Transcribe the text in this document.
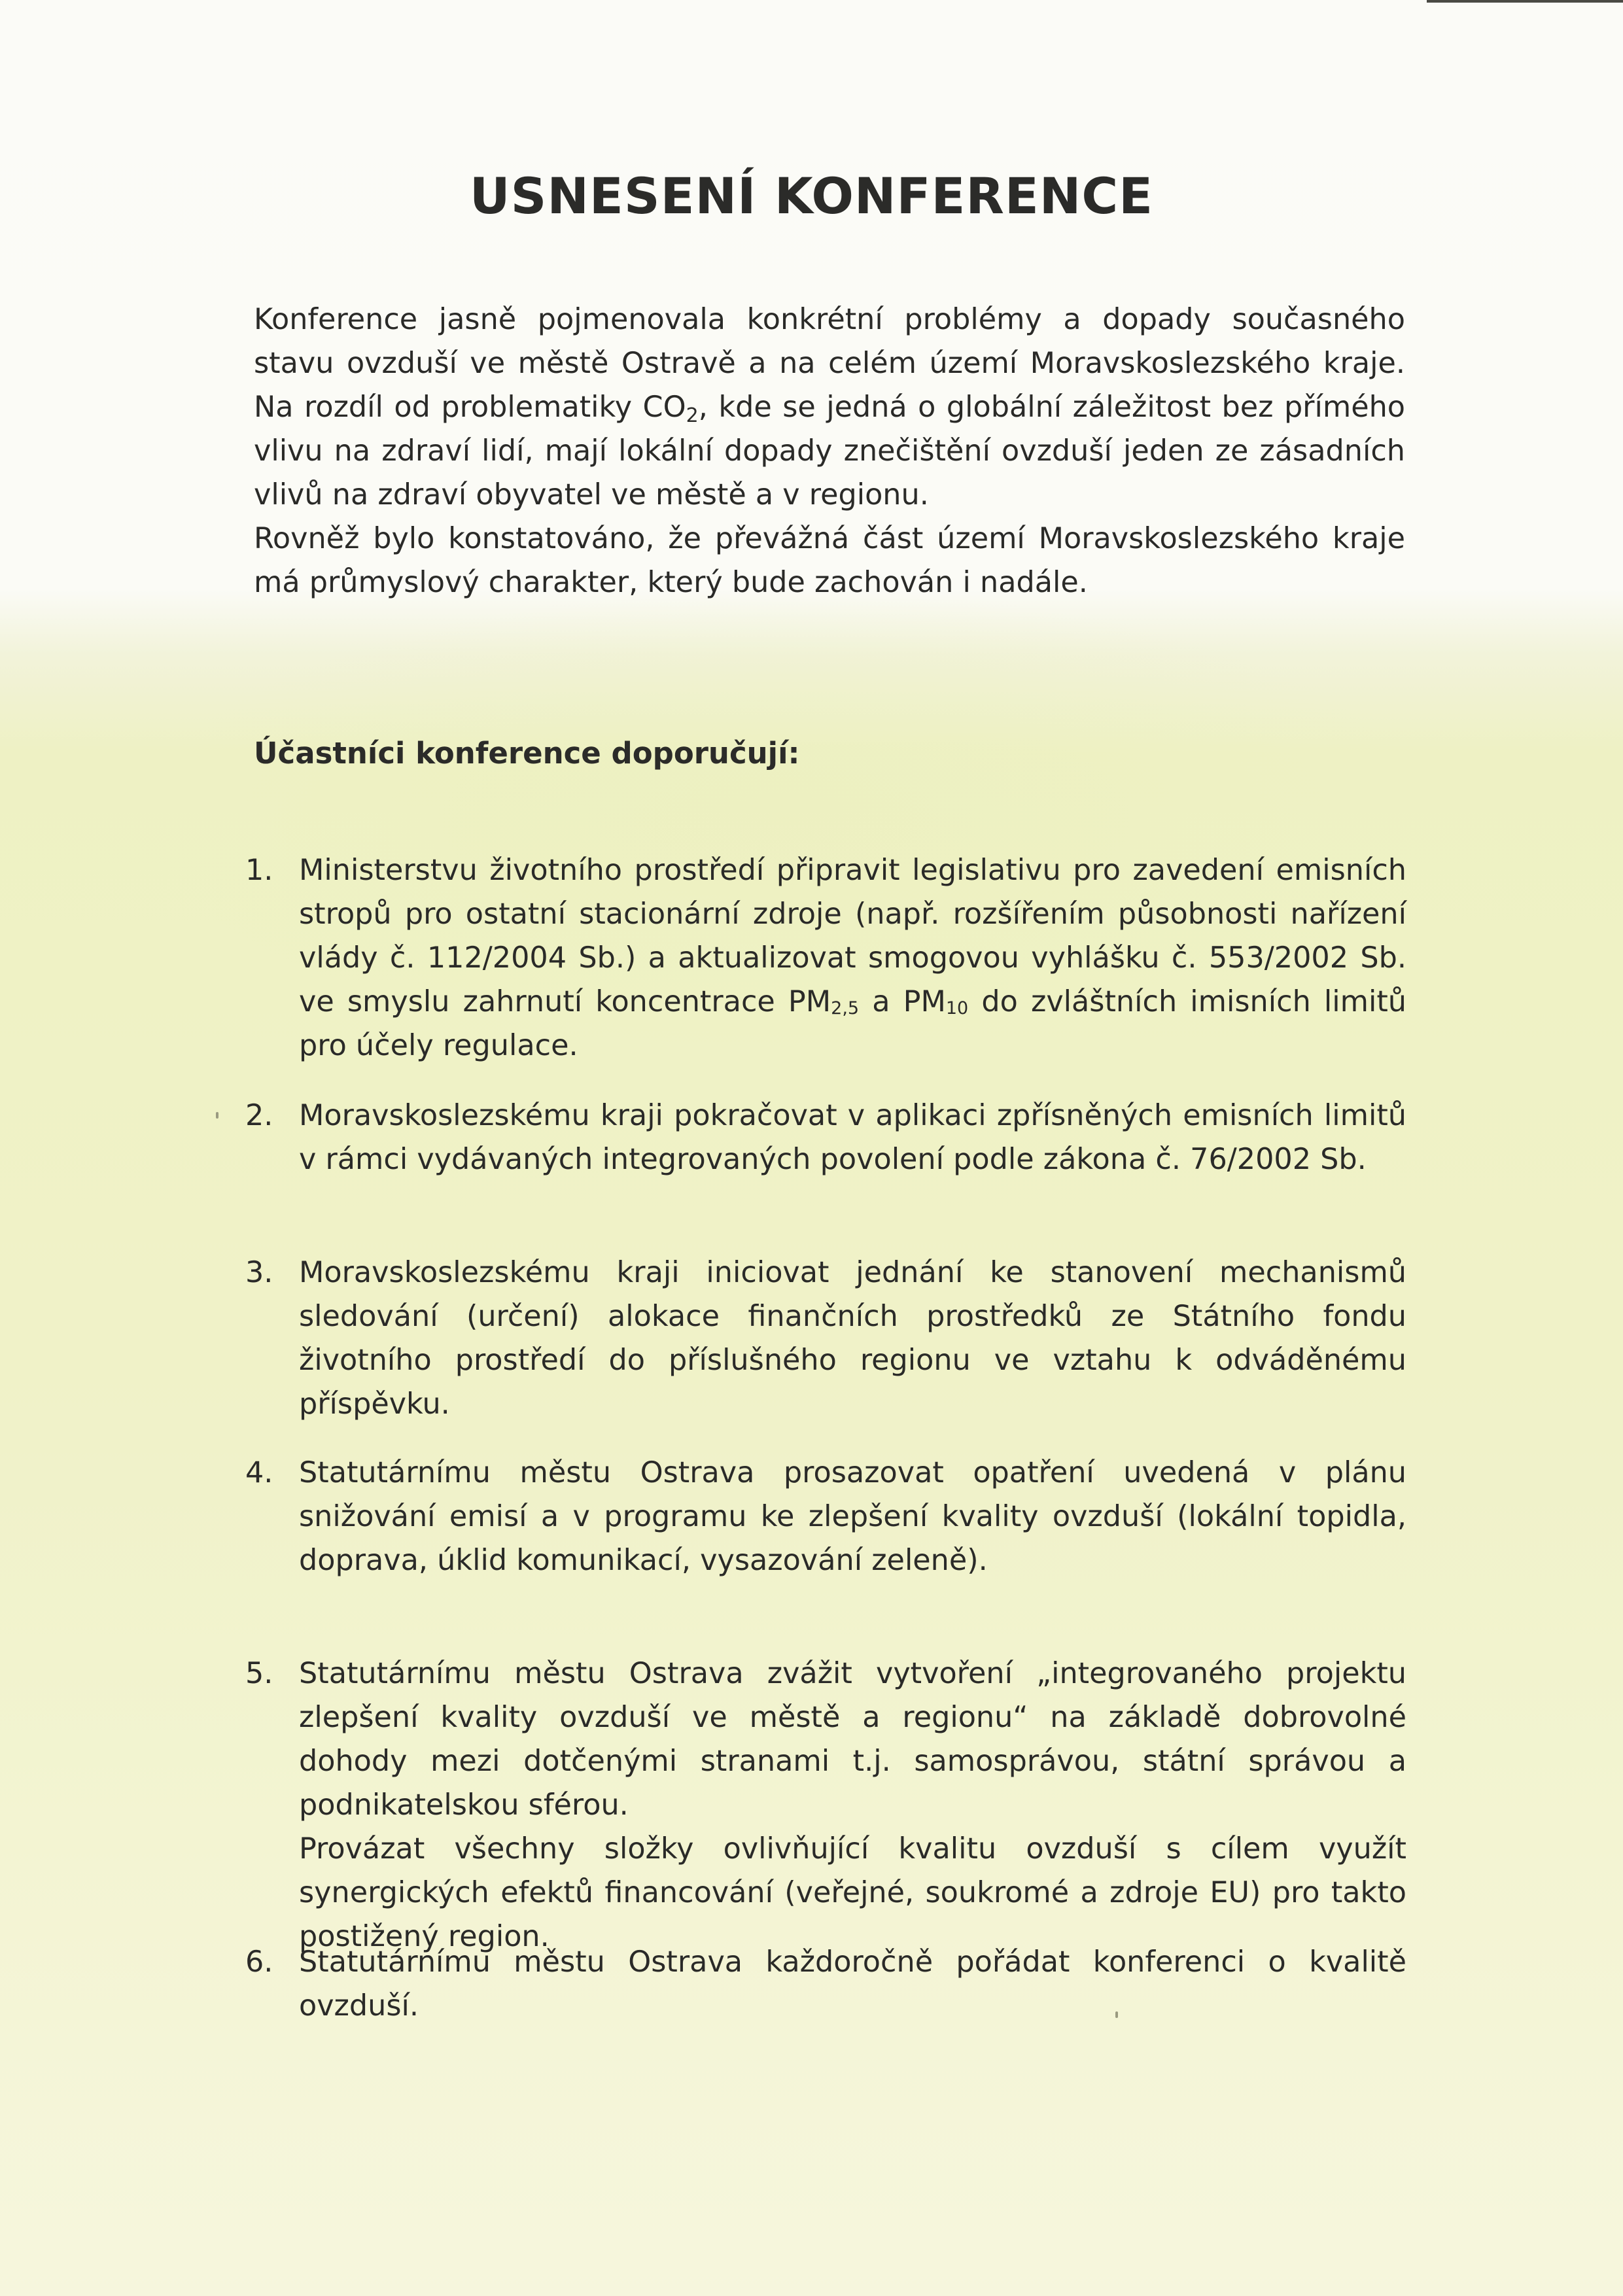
USNESENÍ KONFERENCE

Konference jasně pojmenovala konkrétní problémy a dopady současného stavu ovzduší ve městě Ostravě a na celém území Moravskoslezského kraje. Na rozdíl od problematiky $CO_2$, kde se jedná o globální záležitost bez přímého vlivu na zdraví lidí, mají lokální dopady znečištění ovzduší jeden ze zásadních vlivů na zdraví obyvatel ve městě a v regionu.

Rovněž bylo konstatováno, že převážná část území Moravskoslezského kraje má průmyslový charakter, který bude zachován i nadále.

Účastníci konference doporučují:
1. Ministerstvu životního prostředí připravit legislativu pro zavedení emisních stropů pro ostatní stacionární zdroje (např. rozšířením působnosti nařízení vlády č. 112/2004 Sb.) a aktualizovat smogovou vyhlášku č. 553/2002 Sb. ve smyslu zahrnutí koncentrace $PM_{2,5}$ a $PM_{10}$ do zvláštních imisních limitů pro účely regulace.
2. Moravskoslezskému kraji pokračovat v aplikaci zpřísněných emisních limitů v rámci vydávaných integrovaných povolení podle zákona č. 76/2002 Sb.
3. Moravskoslezskému kraji iniciovat jednání ke stanovení mechanismů sledování (určení) alokace finančních prostředků ze Státního fondu životního prostředí do příslušného regionu ve vztahu k odváděnému příspěvku.
4. Statutárnímu městu Ostrava prosazovat opatření uvedená v plánu snižování emisí a v programu ke zlepšení kvality ovzduší (lokální topidla, doprava, úklid komunikací, vysazování zeleně).
5. Statutárnímu městu Ostrava zvážit vytvoření „integrovaného projektu zlepšení kvality ovzduší ve městě a regionu“ na základě dobrovolné dohody mezi dotčenými stranami t.j. samosprávou, státní správou a podnikatelskou sférou.

Provázat všechny složky ovlivňující kvalitu ovzduší s cílem využít synergických efektů financování (veřejné, soukromé a zdroje EU) pro takto postižený region.

6. Statutárnímu městu Ostrava každoročně pořádat konferenci o kvalitě ovzduší.
